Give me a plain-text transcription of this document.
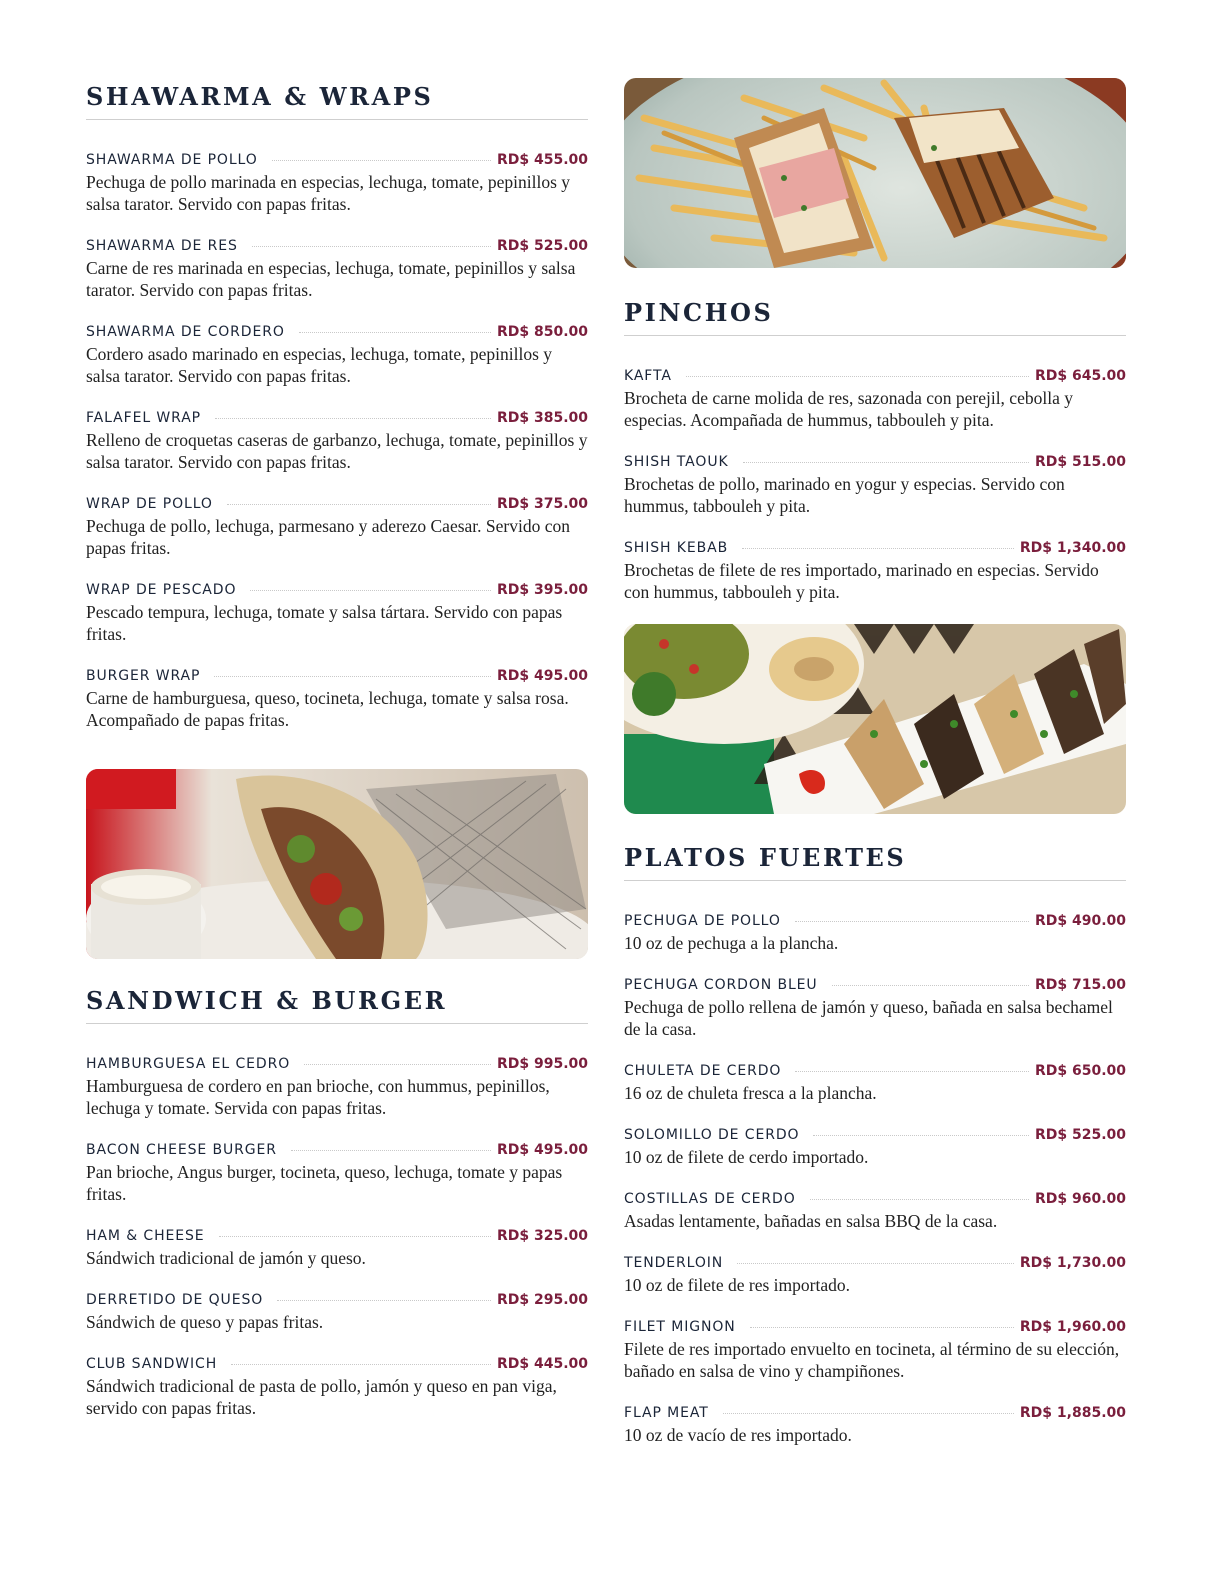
SHAWARMA & WRAPS
SHAWARMA DE POLLO	RD$ 455.00
Pechuga de pollo marinada en especias, lechuga, tomate, pepinillos y salsa tarator. Servido con papas fritas.
SHAWARMA DE RES	RD$ 525.00
Carne de res marinada en especias, lechuga, tomate, pepinillos y salsa tarator. Servido con papas fritas.
SHAWARMA DE CORDERO	RD$ 850.00
Cordero asado marinado en especias, lechuga, tomate, pepinillos y salsa tarator. Servido con papas fritas.
FALAFEL WRAP	RD$ 385.00
Relleno de croquetas caseras de garbanzo, lechuga, tomate, pepinillos y salsa tarator. Servido con papas fritas.
WRAP DE POLLO	RD$ 375.00
Pechuga de pollo, lechuga, parmesano y aderezo Caesar. Servido con papas fritas.
WRAP DE PESCADO	RD$ 395.00
Pescado tempura, lechuga, tomate y salsa tártara. Servido con papas fritas.
BURGER WRAP	RD$ 495.00
Carne de hamburguesa, queso, tocineta, lechuga, tomate y salsa rosa. Acompañado de papas fritas.
SANDWICH & BURGER
HAMBURGUESA EL CEDRO	RD$ 995.00
Hamburguesa de cordero en pan brioche, con hummus, pepinillos, lechuga y tomate. Servida con papas fritas.
BACON CHEESE BURGER	RD$ 495.00
Pan brioche, Angus burger, tocineta, queso, lechuga, tomate y papas fritas.
HAM & CHEESE	RD$ 325.00
Sándwich tradicional de jamón y queso.
DERRETIDO DE QUESO	RD$ 295.00
Sándwich de queso y papas fritas.
CLUB SANDWICH	RD$ 445.00
Sándwich tradicional de pasta de pollo, jamón y queso en pan viga, servido con papas fritas.
PINCHOS
KAFTA	RD$ 645.00
Brocheta de carne molida de res, sazonada con perejil, cebolla y especias. Acompañada de hummus, tabbouleh y pita.
SHISH TAOUK	RD$ 515.00
Brochetas de pollo, marinado en yogur y especias. Servido con hummus, tabbouleh y pita.
SHISH KEBAB	RD$ 1,340.00
Brochetas de filete de res importado, marinado en especias. Servido con hummus, tabbouleh y pita.
PLATOS FUERTES
PECHUGA DE POLLO	RD$ 490.00
10 oz de pechuga a la plancha.
PECHUGA CORDON BLEU	RD$ 715.00
Pechuga de pollo rellena de jamón y queso, bañada en salsa bechamel de la casa.
CHULETA DE CERDO	RD$ 650.00
16 oz de chuleta fresca a la plancha.
SOLOMILLO DE CERDO	RD$ 525.00
10 oz de filete de cerdo importado.
COSTILLAS DE CERDO	RD$ 960.00
Asadas lentamente, bañadas en salsa BBQ de la casa.
TENDERLOIN	RD$ 1,730.00
10 oz de filete de res importado.
FILET MIGNON	RD$ 1,960.00
Filete de res importado envuelto en tocineta, al término de su elección, bañado en salsa de vino y champiñones.
FLAP MEAT	RD$ 1,885.00
10 oz de vacío de res importado.
